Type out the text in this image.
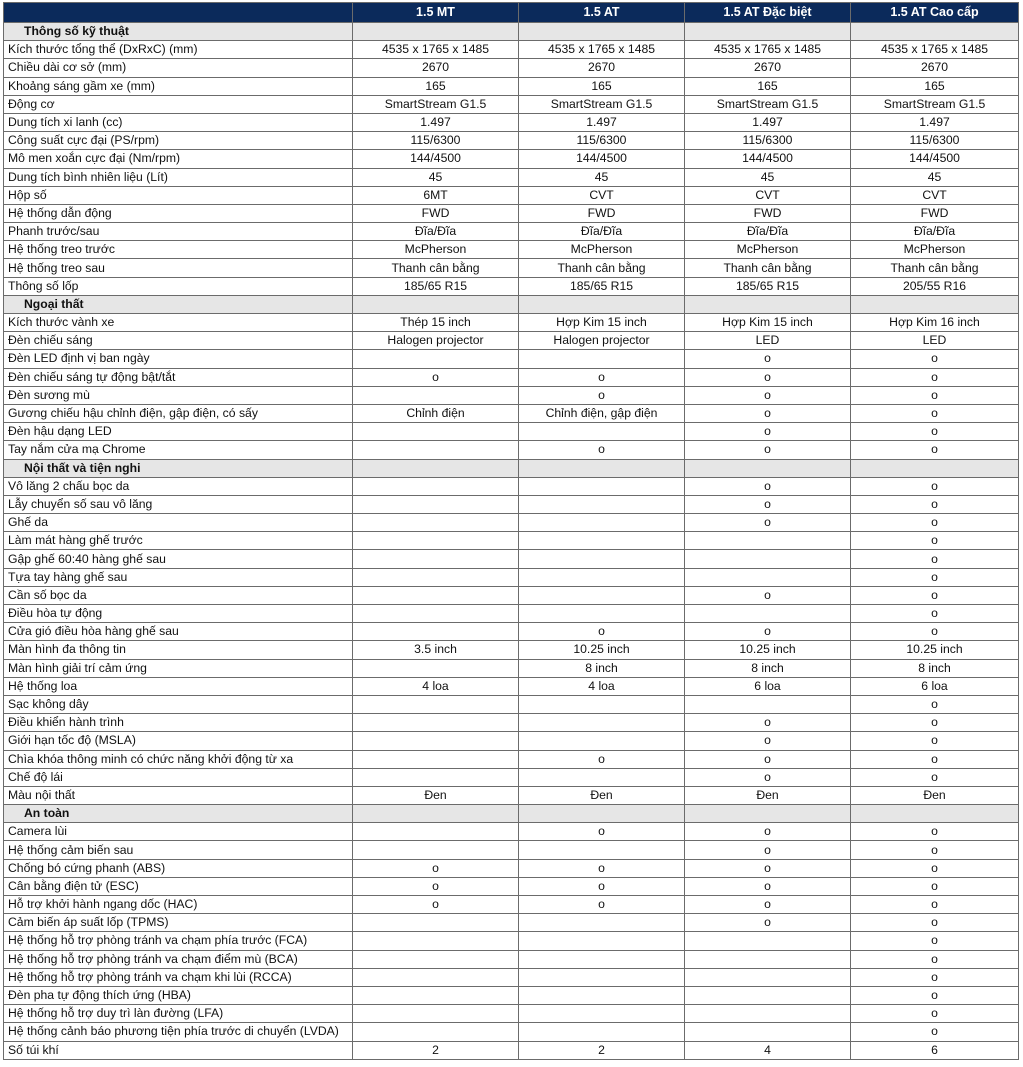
	1.5 MT	1.5 AT	1.5 AT Đặc biệt	1.5 AT Cao cấp
Thông số kỹ thuật				
Kích thước tổng thể (DxRxC) (mm)	4535 x 1765 x 1485	4535 x 1765 x 1485	4535 x 1765 x 1485	4535 x 1765 x 1485
Chiều dài cơ sở (mm)	2670	2670	2670	2670
Khoảng sáng gầm xe (mm)	165	165	165	165
Động cơ	SmartStream G1.5	SmartStream G1.5	SmartStream G1.5	SmartStream G1.5
Dung tích xi lanh (cc)	1.497	1.497	1.497	1.497
Công suất cực đại (PS/rpm)	115/6300	115/6300	115/6300	115/6300
Mô men xoắn cực đại (Nm/rpm)	144/4500	144/4500	144/4500	144/4500
Dung tích bình nhiên liệu (Lít)	45	45	45	45
Hộp số	6MT	CVT	CVT	CVT
Hệ thống dẫn động	FWD	FWD	FWD	FWD
Phanh trước/sau	Đĩa/Đĩa	Đĩa/Đĩa	Đĩa/Đĩa	Đĩa/Đĩa
Hệ thống treo trước	McPherson	McPherson	McPherson	McPherson
Hệ thống treo sau	Thanh cân bằng	Thanh cân bằng	Thanh cân bằng	Thanh cân bằng
Thông số lốp	185/65 R15	185/65 R15	185/65 R15	205/55 R16
Ngoại thất				
Kích thước vành xe	Thép 15 inch	Hợp Kim 15 inch	Hợp Kim 15 inch	Hợp Kim 16 inch
Đèn chiếu sáng	Halogen projector	Halogen projector	LED	LED
Đèn LED định vị ban ngày			o	o
Đèn chiếu sáng tự động bật/tắt	o	o	o	o
Đèn sương mù		o	o	o
Gương chiếu hậu chỉnh điện, gập điện, có sấy	Chỉnh điện	Chỉnh điện, gập điện	o	o
Đèn hậu dạng LED			o	o
Tay nắm cửa mạ Chrome		o	o	o
Nội thất và tiện nghi				
Vô lăng 2 chấu bọc da			o	o
Lẫy chuyển số sau vô lăng			o	o
Ghế da			o	o
Làm mát hàng ghế trước				o
Gập ghế 60:40 hàng ghế sau				o
Tựa tay hàng ghế sau				o
Cần số bọc da			o	o
Điều hòa tự động				o
Cửa gió điều hòa hàng ghế sau		o	o	o
Màn hình đa thông tin	3.5 inch	10.25 inch	10.25 inch	10.25 inch
Màn hình giải trí cảm ứng		8 inch	8 inch	8 inch
Hệ thống loa	4 loa	4 loa	6 loa	6 loa
Sạc không dây				o
Điều khiển hành trình			o	o
Giới hạn tốc độ (MSLA)			o	o
Chìa khóa thông minh có chức năng khởi động từ xa		o	o	o
Chế độ lái			o	o
Màu nội thất	Đen	Đen	Đen	Đen
An toàn				
Camera lùi		o	o	o
Hệ thống cảm biến sau			o	o
Chống bó cứng phanh (ABS)	o	o	o	o
Cân bằng điện tử (ESC)	o	o	o	o
Hỗ trợ khởi hành ngang dốc (HAC)	o	o	o	o
Cảm biến áp suất lốp (TPMS)			o	o
Hệ thống hỗ trợ phòng tránh va chạm phía trước (FCA)				o
Hệ thống hỗ trợ phòng tránh va chạm điểm mù (BCA)				o
Hệ thống hỗ trợ phòng tránh va chạm khi lùi (RCCA)				o
Đèn pha tự động thích ứng (HBA)				o
Hệ thống hỗ trợ duy trì làn đường (LFA)				o
Hệ thống cảnh báo phương tiện phía trước di chuyển (LVDA)				o
Số túi khí	2	2	4	6
